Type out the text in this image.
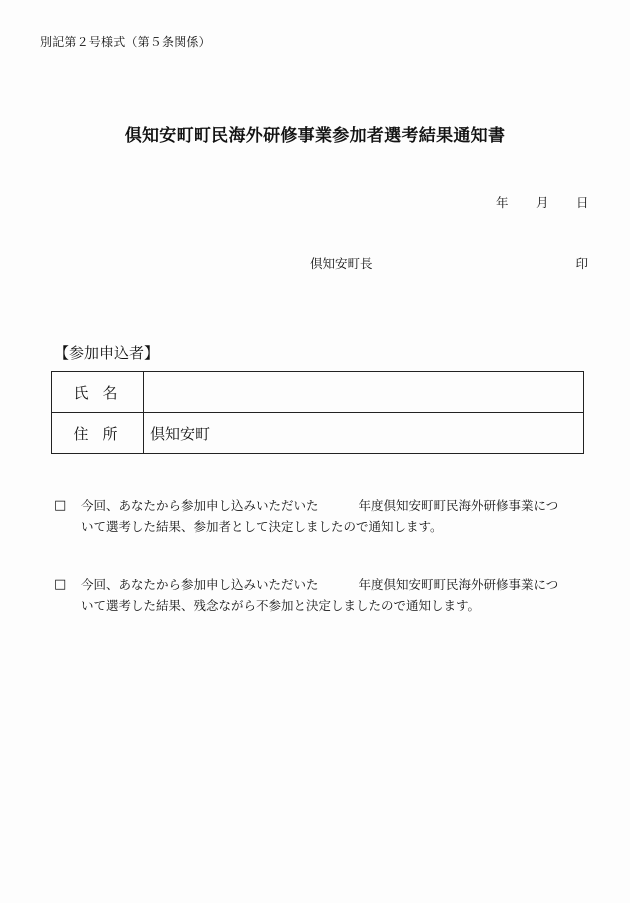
別記第２号様式（第５条関係）
倶知安町町民海外研修事業参加者選考結果通知書
年	月	日
倶知安町長	印
【参加申込者】
氏名	
住所	倶知安町
□ 今回、あなたから参加申し込みいただいた	年度倶知安町町民海外研修事業につ
いて選考した結果、参加者として決定しましたので通知します。
□ 今回、あなたから参加申し込みいただいた	年度倶知安町町民海外研修事業につ
いて選考した結果、残念ながら不参加と決定しましたので通知します。
